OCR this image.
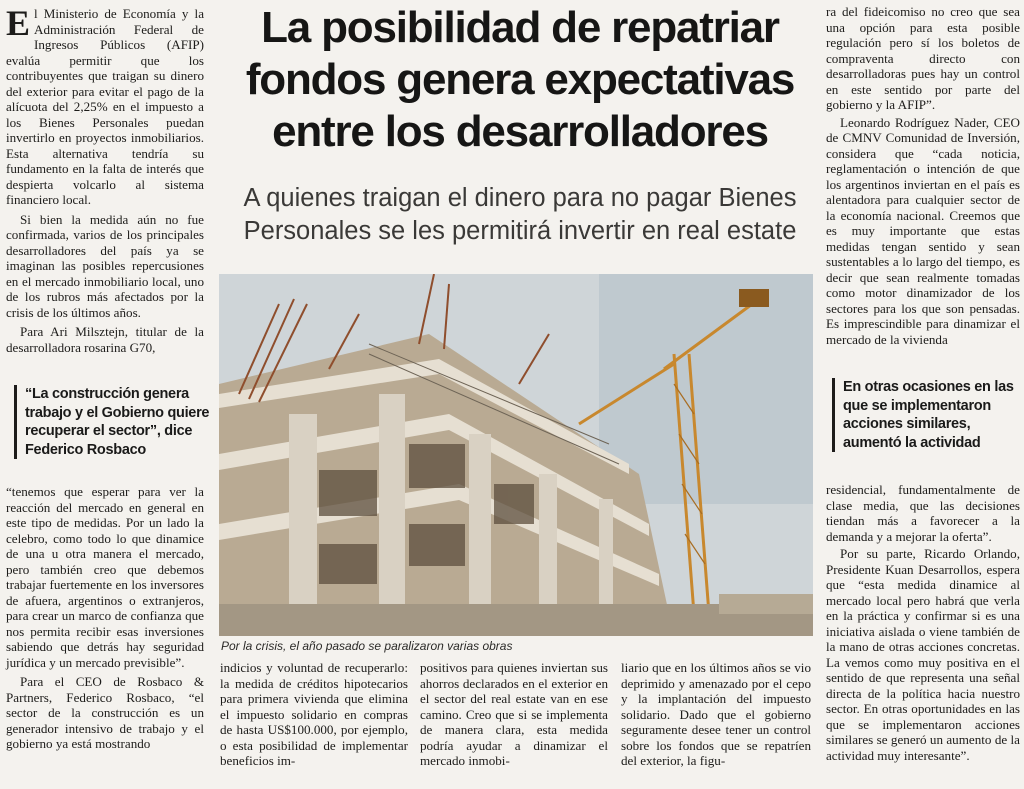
El Ministerio de Economía y la Administración Federal de Ingresos Públicos (AFIP) evalúa permitir que los contribuyentes que traigan su dinero del exterior para evitar el pago de la alícuota del 2,25% en el impuesto a los Bienes Personales puedan invertirlo en proyectos inmobiliarios. Esta alternativa tendría su fundamento en la falta de interés que despierta volcarlo al sistema financiero local.

Si bien la medida aún no fue confirmada, varios de los principales desarrolladores del país ya se imaginan las posibles repercusiones en el mercado inmobiliario local, uno de los rubros más afectados por la crisis de los últimos años.

Para Ari Milsztejn, titular de la desarrolladora rosarina G70,

“La construcción genera trabajo y el Gobierno quiere recuperar el sector”, dice Federico Rosbaco

“tenemos que esperar para ver la reacción del mercado en general en este tipo de medidas. Por un lado la celebro, como todo lo que dinamice de una u otra manera el mercado, pero también creo que debemos trabajar fuertemente en los inversores de afuera, argentinos o extranjeros, para crear un marco de confianza que nos permita recibir esas inversiones sabiendo que detrás hay seguridad jurídica y un mercado previsible”.

Para el CEO de Rosbaco & Partners, Federico Rosbaco, “el sector de la construcción es un generador intensivo de trabajo y el gobierno ya está mostrando

La posibilidad de repatriar fondos genera expectativas entre los desarrolladores
A quienes traigan el dinero para no pagar Bienes Personales se les permitirá invertir en real estate
Por la crisis, el año pasado se paralizaron varias obras

indicios y voluntad de recuperarlo: la medida de créditos hipotecarios para primera vivienda que elimina el impuesto solidario en compras de hasta US$100.000, por ejemplo, o esta posibilidad de implementar beneficios im-

positivos para quienes inviertan sus ahorros declarados en el exterior en el sector del real estate van en ese camino. Creo que si se implementa de manera clara, esta medida podría ayudar a dinamizar el mercado inmobi-

liario que en los últimos años se vio deprimido y amenazado por el cepo y la implantación del impuesto solidario. Dado que el gobierno seguramente desee tener un control sobre los fondos que se repatríen del exterior, la figu-

ra del fideicomiso no creo que sea una opción para esta posible regulación pero sí los boletos de compraventa directo con desarrolladoras pues hay un control en este sentido por parte del gobierno y la AFIP”.

Leonardo Rodríguez Nader, CEO de CMNV Comunidad de Inversión, considera que “cada noticia, reglamentación o intención de que los argentinos inviertan en el país es alentadora para cualquier sector de la economía nacional. Creemos que es muy importante que estas medidas tengan sentido y sean sustentables a lo largo del tiempo, es decir que sean realmente tomadas como motor dinamizador de los sectores para los que son pensadas. Es imprescindible para dinamizar el mercado de la vivienda

En otras ocasiones en las que se implementaron acciones similares, aumentó la actividad

residencial, fundamentalmente de clase media, que las decisiones tiendan más a favorecer a la demanda y a mejorar la oferta”.

Por su parte, Ricardo Orlando, Presidente Kuan Desarrollos, espera que “esta medida dinamice al mercado local pero habrá que verla en la práctica y confirmar si es una iniciativa aislada o viene también de la mano de otras acciones concretas. La vemos como muy positiva en el sentido de que representa una señal directa de la política hacia nuestro sector. En otras oportunidades en las que se implementaron acciones similares se generó un aumento de la actividad muy interesante”.
